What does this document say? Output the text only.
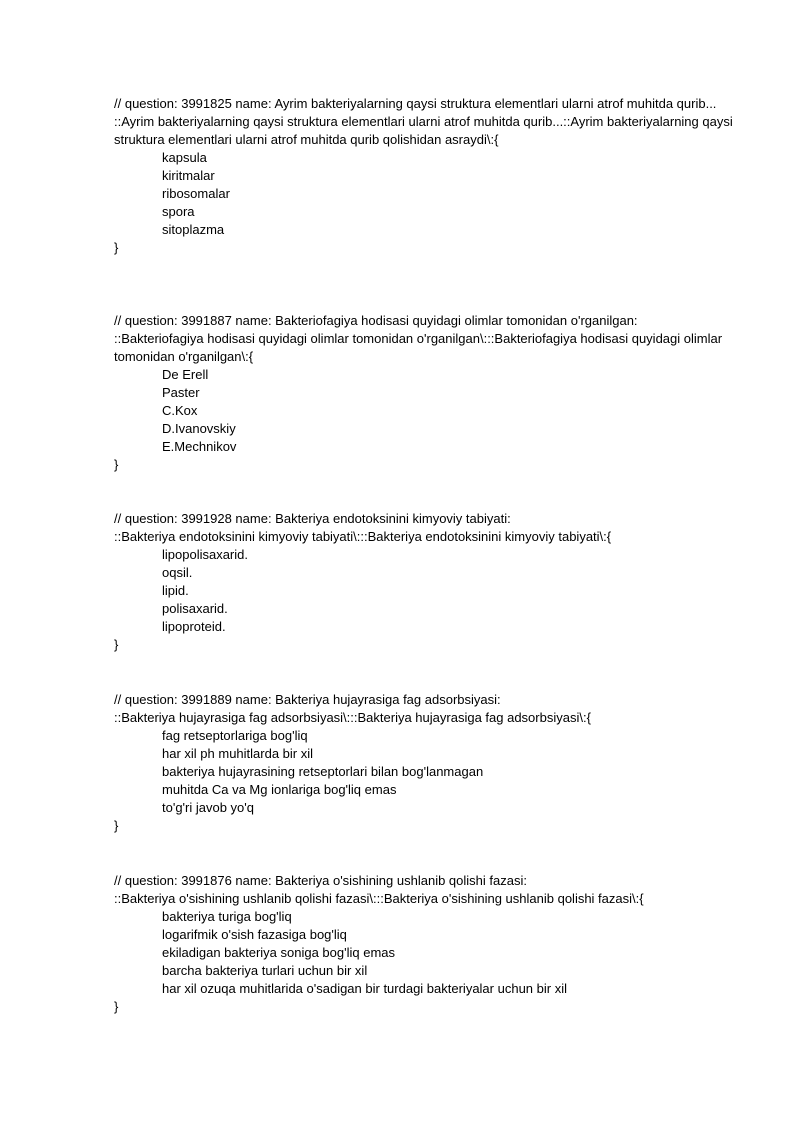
// question: 3991825 name: Ayrim bakteriyalarning qaysi struktura elementlari ularni atrof muhitda qurib...

::Ayrim bakteriyalarning qaysi struktura elementlari ularni atrof muhitda qurib...::Ayrim bakteriyalarning qaysi struktura elementlari ularni atrof muhitda qurib qolishidan asraydi\:{

kapsula
kiritmalar
ribosomalar
spora
sitoplazma

}

// question: 3991887 name: Bakteriofagiya hodisasi quyidagi olimlar tomonidan o'rganilgan:

::Bakteriofagiya hodisasi quyidagi olimlar tomonidan o'rganilgan\:::Bakteriofagiya hodisasi quyidagi olimlar tomonidan o'rganilgan\:{

De Erell
Paster
C.Kox
D.Ivanovskiy
E.Mechnikov

}

// question: 3991928 name: Bakteriya endotoksinini kimyoviy tabiyati:

::Bakteriya endotoksinini kimyoviy tabiyati\:::Bakteriya endotoksinini kimyoviy tabiyati\:{

lipopolisaxarid.
oqsil.
lipid.
polisaxarid.
lipoproteid.

}

// question: 3991889 name: Bakteriya hujayrasiga fag adsorbsiyasi:

::Bakteriya hujayrasiga fag adsorbsiyasi\:::Bakteriya hujayrasiga fag adsorbsiyasi\:{

fag retseptorlariga bog'liq
har xil ph muhitlarda bir xil
bakteriya hujayrasining retseptorlari bilan bog'lanmagan
muhitda Ca va Mg ionlariga bog'liq emas
to'g'ri javob yo'q

}

// question: 3991876 name: Bakteriya o'sishining ushlanib qolishi fazasi:

::Bakteriya o'sishining ushlanib qolishi fazasi\:::Bakteriya o'sishining ushlanib qolishi fazasi\:{

bakteriya turiga bog'liq
logarifmik o'sish fazasiga bog'liq
ekiladigan bakteriya soniga bog'liq emas
barcha bakteriya turlari uchun bir xil
har xil ozuqa muhitlarida o'sadigan bir turdagi bakteriyalar uchun bir xil

}
